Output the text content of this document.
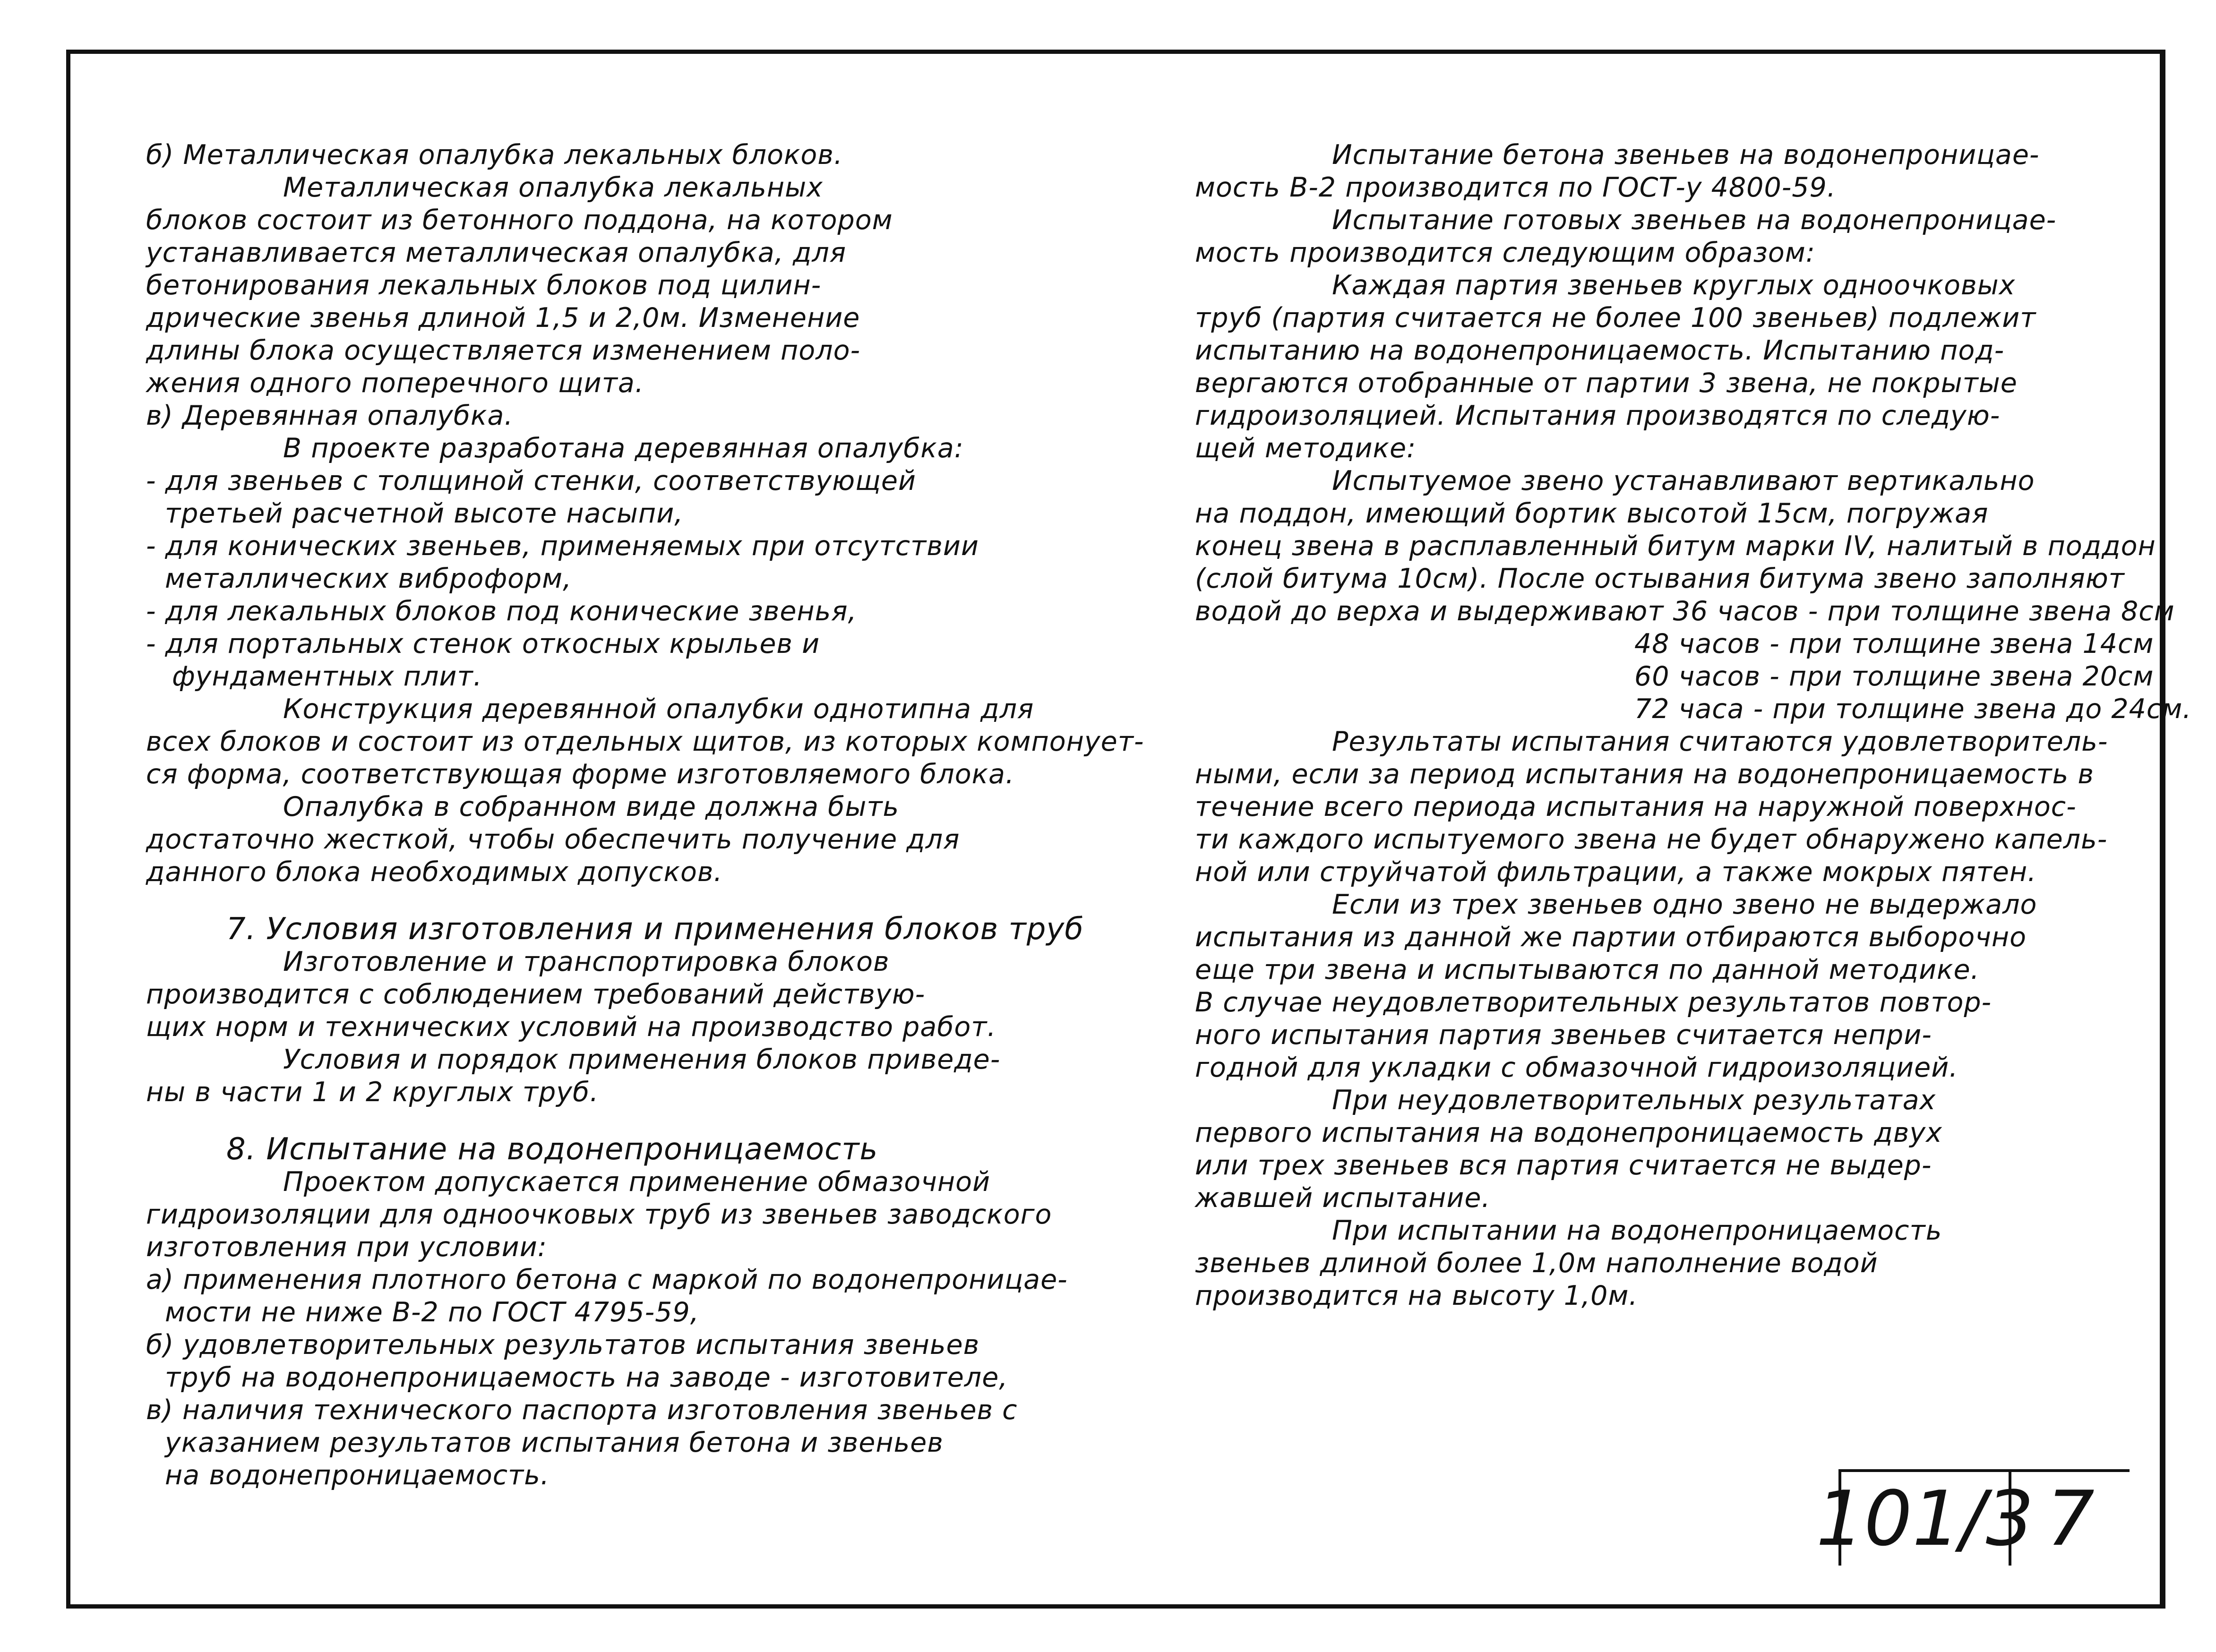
б) Металлическая опалубка лекальных блоков.
Металлическая опалубка лекальных
блоков состоит из бетонного поддона, на котором
устанавливается металлическая опалубка, для
бетонирования лекальных блоков под цилин-
дрические звенья длиной 1,5 и 2,0м. Изменение
длины блока осуществляется изменением поло-
жения одного поперечного щита.
в) Деревянная опалубка.
В проекте разработана деревянная опалубка:
- для звеньев с толщиной стенки, соответствующей
третьей расчетной высоте насыпи,
- для конических звеньев, применяемых при отсутствии
металлических виброформ,
- для лекальных блоков под конические звенья,
- для портальных стенок откосных крыльев и
фундаментных плит.
Конструкция деревянной опалубки однотипна для
всех блоков и состоит из отдельных щитов, из которых компонует-
ся форма, соответствующая форме изготовляемого блока.
Опалубка в собранном виде должна быть
достаточно жесткой, чтобы обеспечить получение для
данного блока необходимых допусков.
7. Условия изготовления и применения блоков труб
Изготовление и транспортировка блоков
производится с соблюдением требований действую-
щих норм и технических условий на производство работ.
Условия и порядок применения блоков приведе-
ны в части 1 и 2 круглых труб.
8. Испытание на водонепроницаемость
Проектом допускается применение обмазочной
гидроизоляции для одноочковых труб из звеньев заводского
изготовления при условии:
а) применения плотного бетона с маркой по водонепроницае-
мости не ниже В-2 по ГОСТ 4795-59,
б) удовлетворительных результатов испытания звеньев
труб на водонепроницаемость на заводе - изготовителе,
в) наличия технического паспорта изготовления звеньев с
указанием результатов испытания бетона и звеньев
на водонепроницаемость.
Испытание бетона звеньев на водонепроницае-
мость В-2 производится по ГОСТ-у 4800-59.
Испытание готовых звеньев на водонепроницае-
мость производится следующим образом:
Каждая партия звеньев круглых одноочковых
труб (партия считается не более 100 звеньев) подлежит
испытанию на водонепроницаемость. Испытанию под-
вергаются отобранные от партии 3 звена, не покрытые
гидроизоляцией. Испытания производятся по следую-
щей методике:
Испытуемое звено устанавливают вертикально
на поддон, имеющий бортик высотой 15см, погружая
конец звена в расплавленный битум марки IV, налитый в поддон
(слой битума 10см). После остывания битума звено заполняют
водой до верха и выдерживают 36 часов - при толщине звена 8см
48 часов - при толщине звена 14см
60 часов - при толщине звена 20см
72 часа - при толщине звена до 24см.
Результаты испытания считаются удовлетворитель-
ными, если за период испытания на водонепроницаемость в
течение всего периода испытания на наружной поверхнос-
ти каждого испытуемого звена не будет обнаружено капель-
ной или струйчатой фильтрации, а также мокрых пятен.
Если из трех звеньев одно звено не выдержало
испытания из данной же партии отбираются выборочно
еще три звена и испытываются по данной методике.
В случае неудовлетворительных результатов повтор-
ного испытания партия звеньев считается непри-
годной для укладки с обмазочной гидроизоляцией.
При неудовлетворительных результатах
первого испытания на водонепроницаемость двух
или трех звеньев вся партия считается не выдер-
жавшей испытание.
При испытании на водонепроницаемость
звеньев длиной более 1,0м наполнение водой
производится на высоту 1,0м.
101/3 7
